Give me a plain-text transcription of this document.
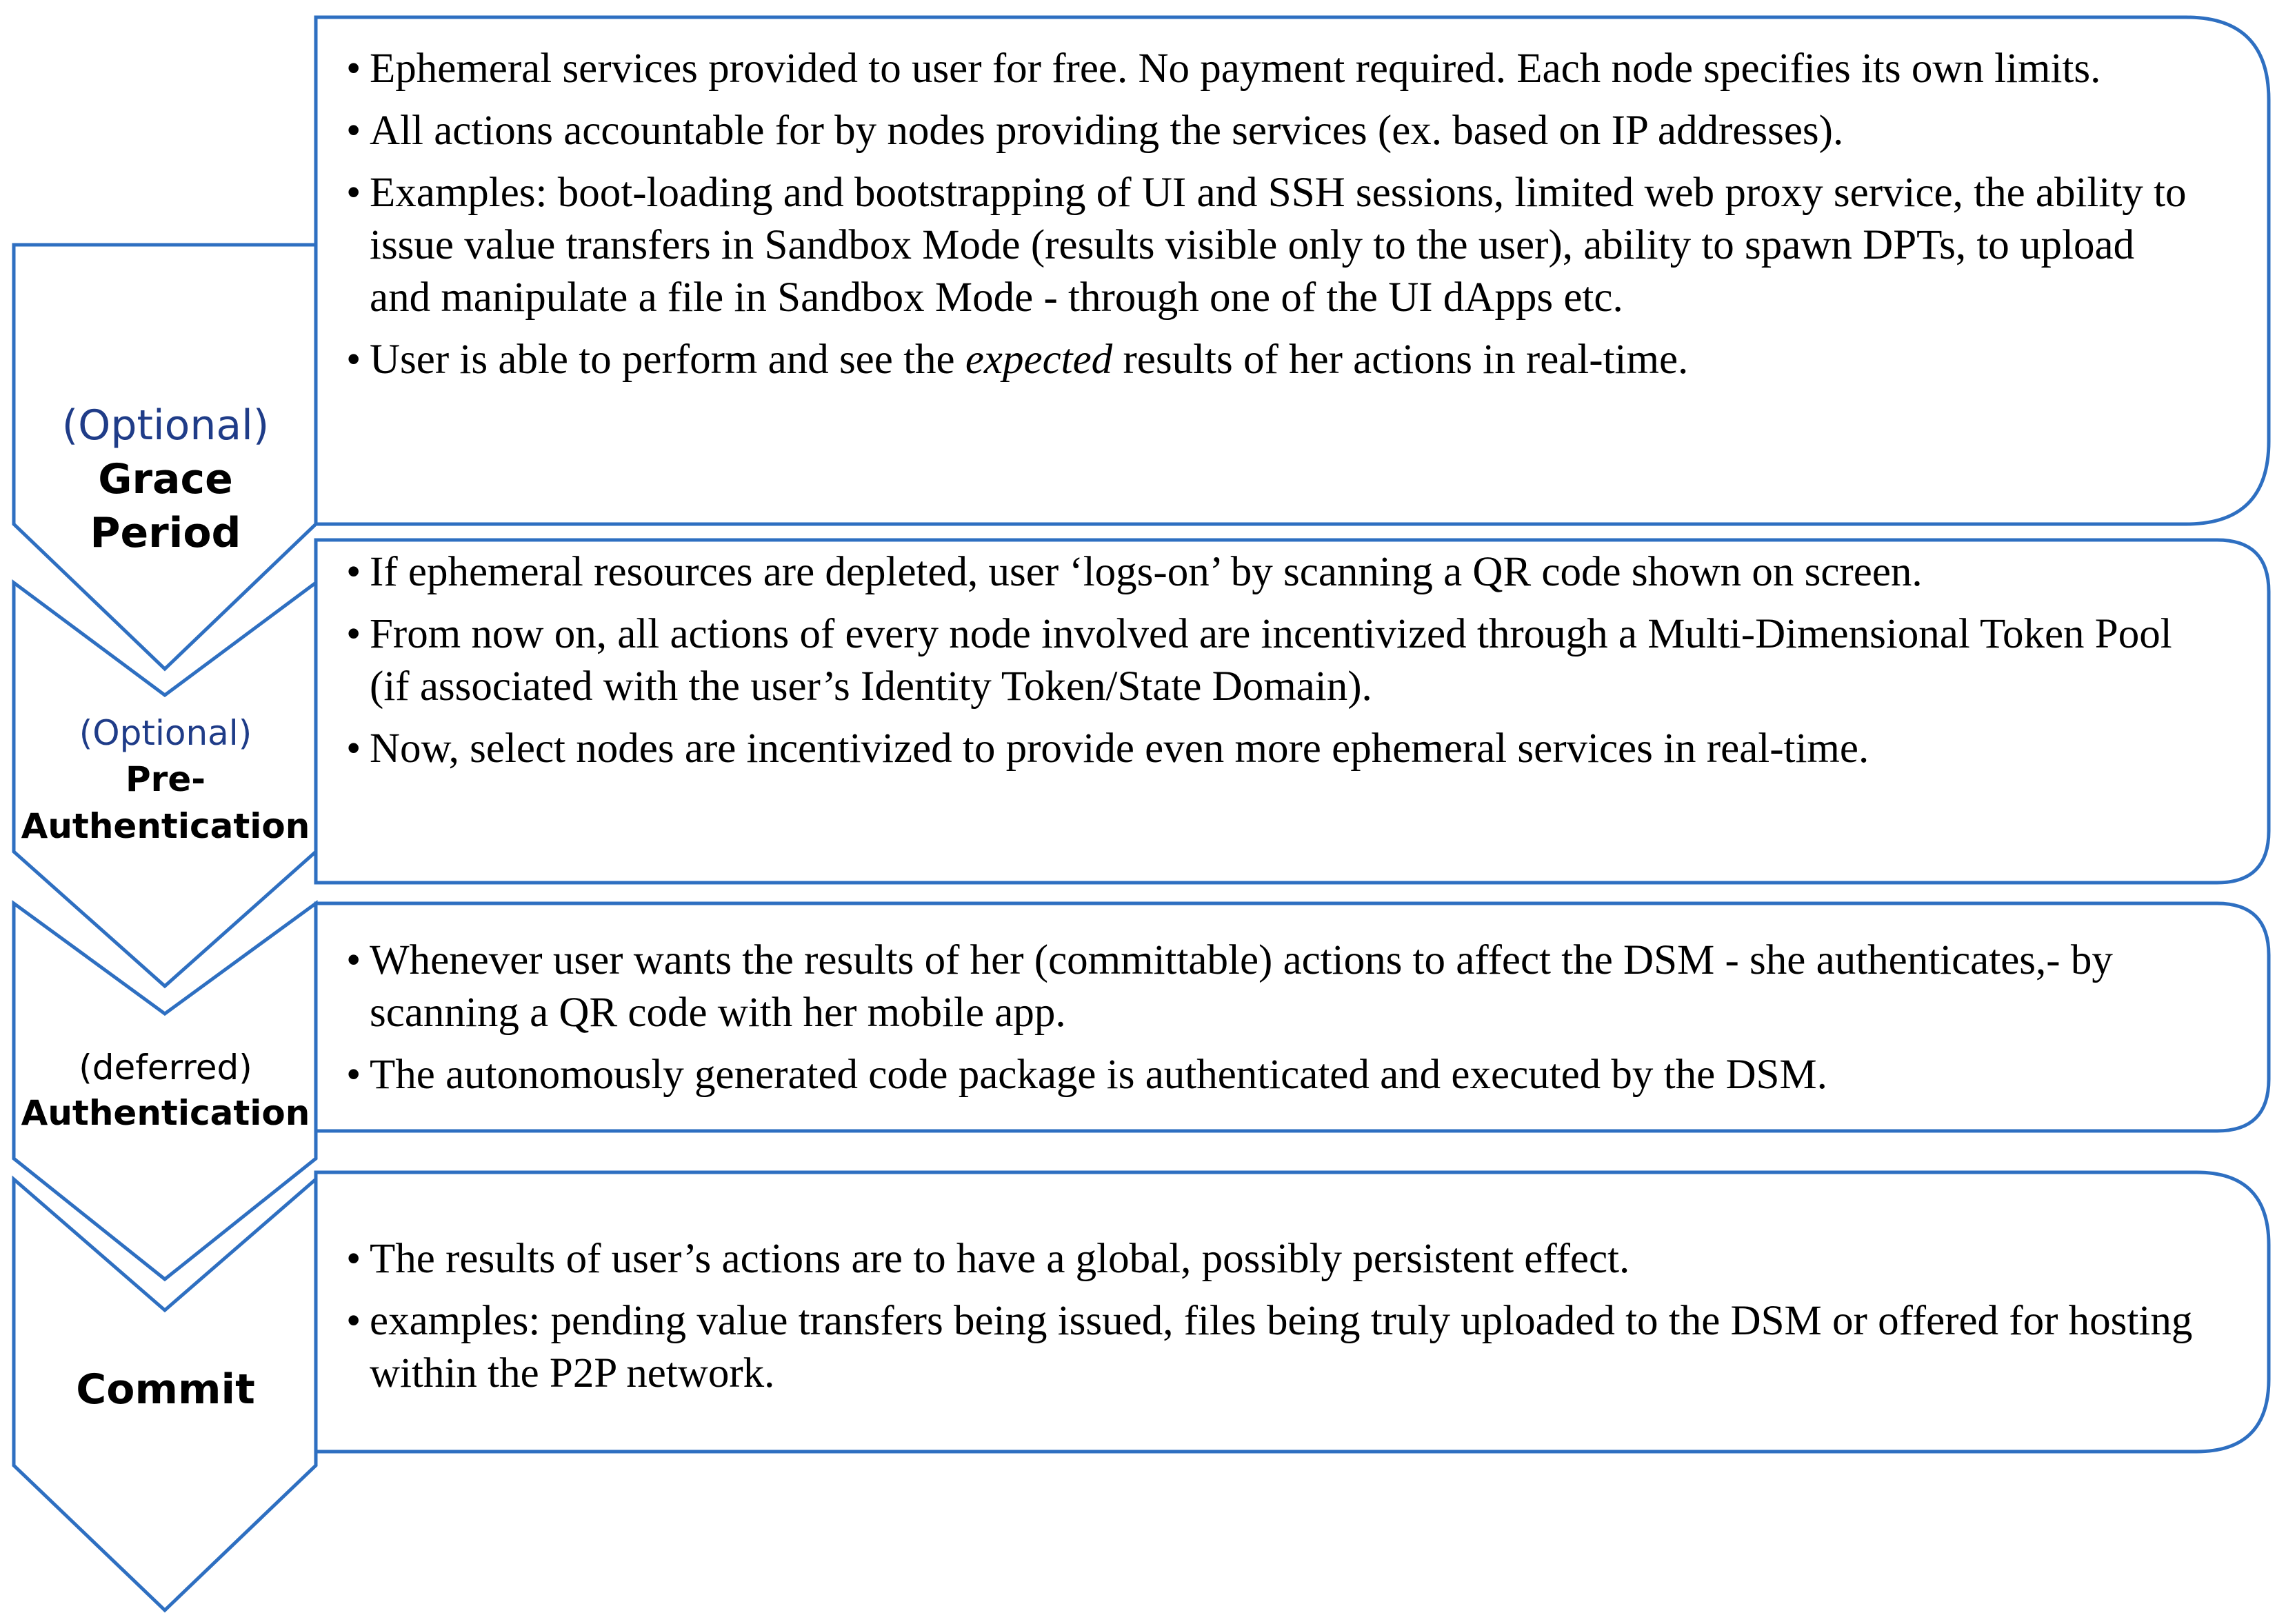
(Optional)
Grace Period
(Optional)
Pre-
Authentication
(deferred)
Authentication
Commit
• Ephemeral services provided to user for free. No payment required. Each node specifies its own limits.
• All actions accountable for by nodes providing the services (ex. based on IP addresses).
• Examples: boot-loading and bootstrapping of UI and SSH sessions, limited web proxy service, the ability to issue value transfers in Sandbox Mode (results visible only to the user), ability to spawn DPTs, to upload and manipulate a file in Sandbox Mode - through one of the UI dApps etc.
• User is able to perform and see the expected results of her actions in real-time.
• If ephemeral resources are depleted, user ‘logs-on’ by scanning a QR code shown on screen.
• From now on, all actions of every node involved are incentivized through a Multi-Dimensional Token Pool (if associated with the user’s Identity Token/State Domain).
• Now, select nodes are incentivized to provide even more ephemeral services in real-time.
• Whenever user wants the results of her (committable) actions to affect the DSM - she authenticates,- by scanning a QR code with her mobile app.
• The autonomously generated code package is authenticated and executed by the DSM.
• The results of user’s actions are to have a global, possibly persistent effect.
• examples: pending value transfers being issued, files being truly uploaded to the DSM or offered for hosting within the P2P network.
